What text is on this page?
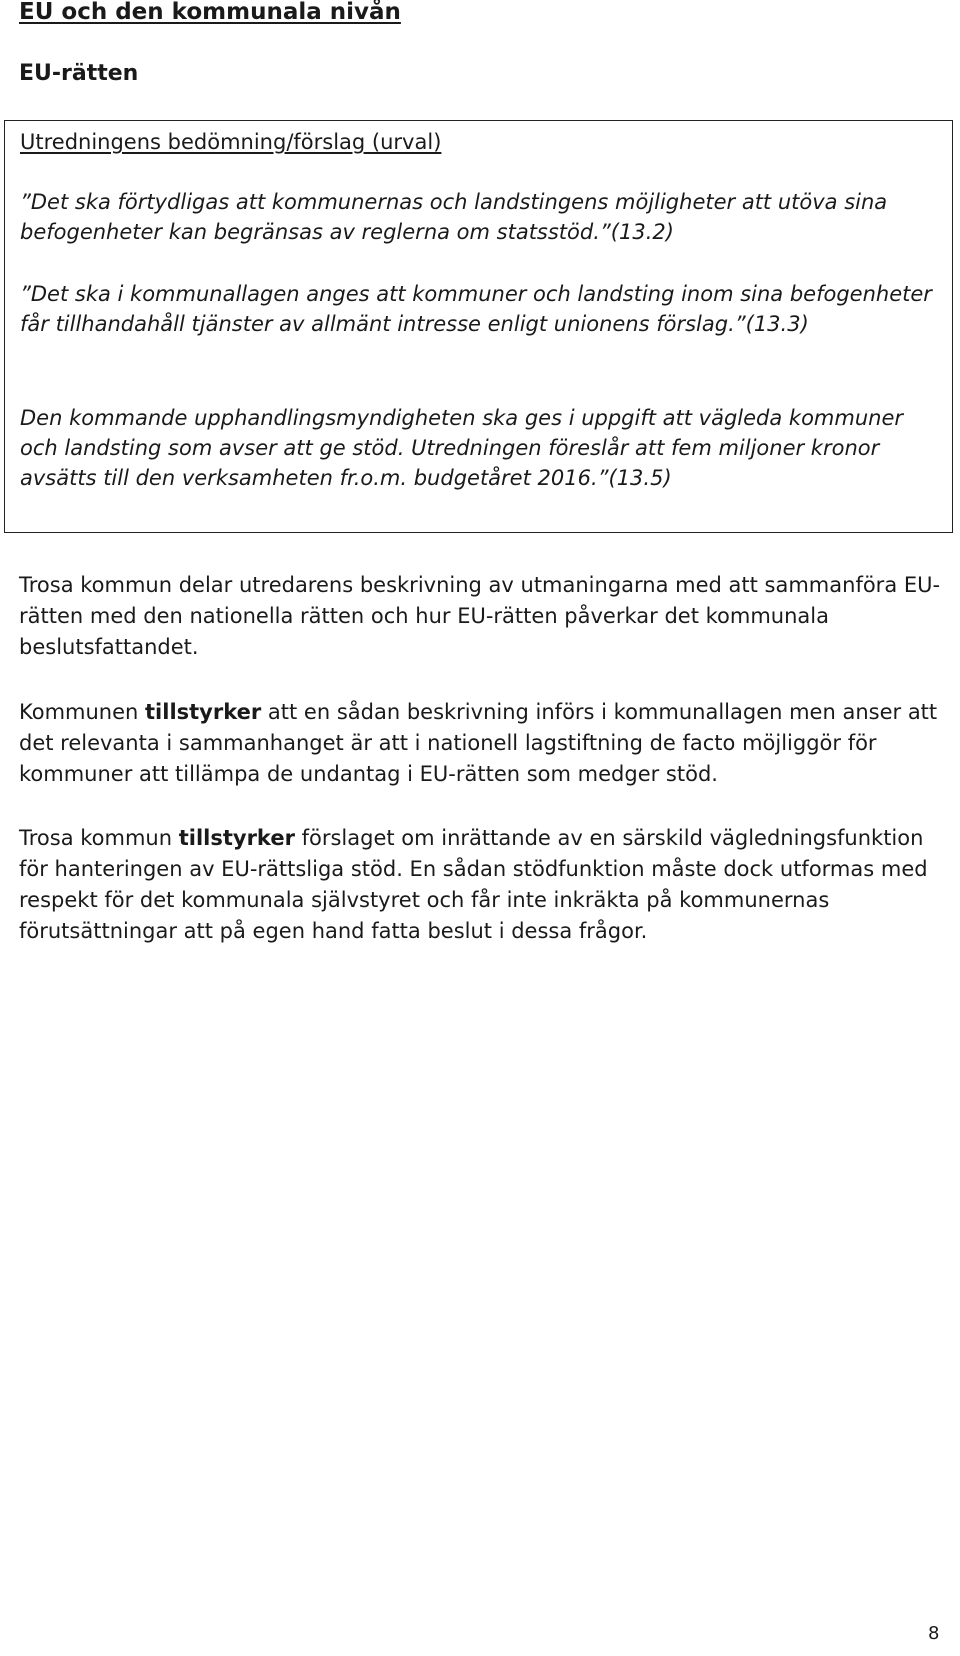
EU och den kommunala nivån
EU-rätten

Utredningens bedömning/förslag (urval)

”Det ska förtydligas att kommunernas och landstingens möjligheter att utöva sina befogenheter kan begränsas av reglerna om statsstöd.”(13.2)

”Det ska i kommunallagen anges att kommuner och landsting inom sina befogenheter får tillhandahåll tjänster av allmänt intresse enligt unionens förslag.”(13.3)

Den kommande upphandlingsmyndigheten ska ges i uppgift att vägleda kommuner och landsting som avser att ge stöd. Utredningen föreslår att fem miljoner kronor avsätts till den verksamheten fr.o.m. budgetåret 2016.”(13.5)

Trosa kommun delar utredarens beskrivning av utmaningarna med att sammanföra EU-rätten med den nationella rätten och hur EU-rätten påverkar det kommunala beslutsfattandet.

Kommunen tillstyrker att en sådan beskrivning införs i kommunallagen men anser att det relevanta i sammanhanget är att i nationell lagstiftning de facto möjliggör för kommuner att tillämpa de undantag i EU-rätten som medger stöd.

Trosa kommun tillstyrker förslaget om inrättande av en särskild vägledningsfunktion för hanteringen av EU-rättsliga stöd. En sådan stödfunktion måste dock utformas med respekt för det kommunala självstyret och får inte inkräkta på kommunernas förutsättningar att på egen hand fatta beslut i dessa frågor.

8
